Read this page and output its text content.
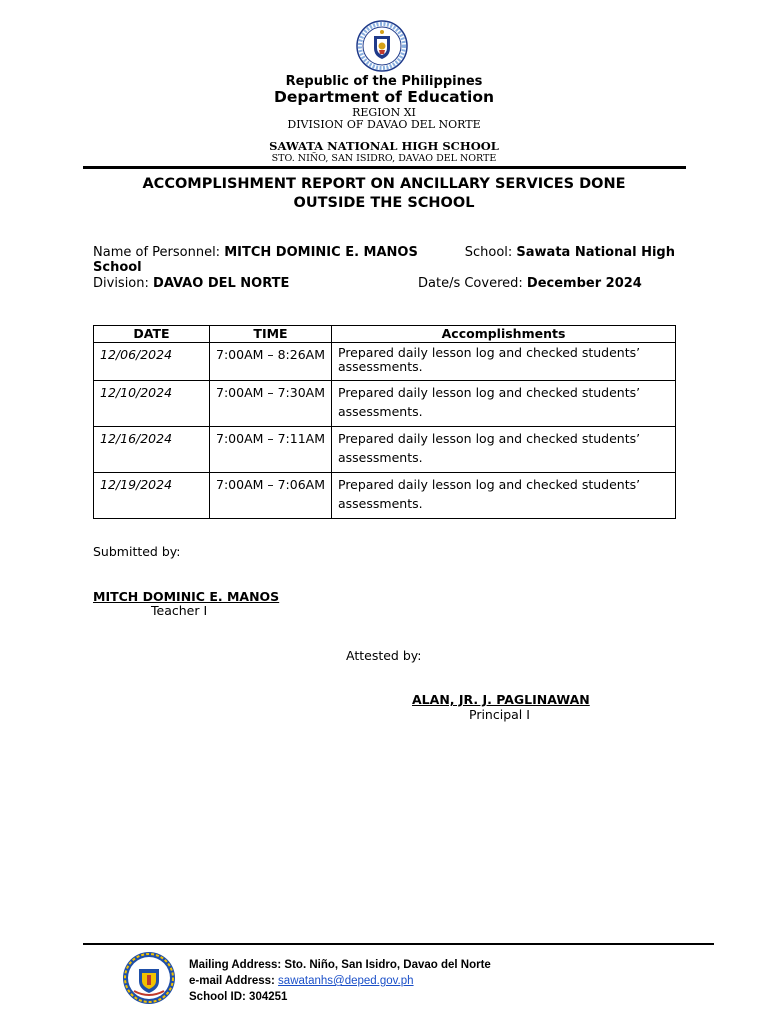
Republic of the Philippines
Department of Education
REGION XI
DIVISION OF DAVAO DEL NORTE
SAWATA NATIONAL HIGH SCHOOL
STO. NIÑO, SAN ISIDRO, DAVAO DEL NORTE
ACCOMPLISHMENT REPORT ON ANCILLARY SERVICES DONE
OUTSIDE THE SCHOOL
Name of Personnel: MITCH DOMINIC E. MANOS	School: Sawata National High
School
Division: DAVAO DEL NORTE	Date/s Covered: December 2024
DATE	TIME	Accomplishments
12/06/2024	7:00AM – 8:26AM	Prepared daily lesson log and checked students’ assessments.
12/10/2024	7:00AM – 7:30AM	Prepared daily lesson log and checked students’ assessments.
12/16/2024	7:00AM – 7:11AM	Prepared daily lesson log and checked students’ assessments.
12/19/2024	7:00AM – 7:06AM	Prepared daily lesson log and checked students’ assessments.
Submitted by:
MITCH DOMINIC E. MANOS
Teacher I
Attested by:
ALAN, JR. J. PAGLINAWAN
Principal I
Mailing Address: Sto. Niño, San Isidro, Davao del Norte
e-mail Address: sawatanhs@deped.gov.ph
School ID: 304251
